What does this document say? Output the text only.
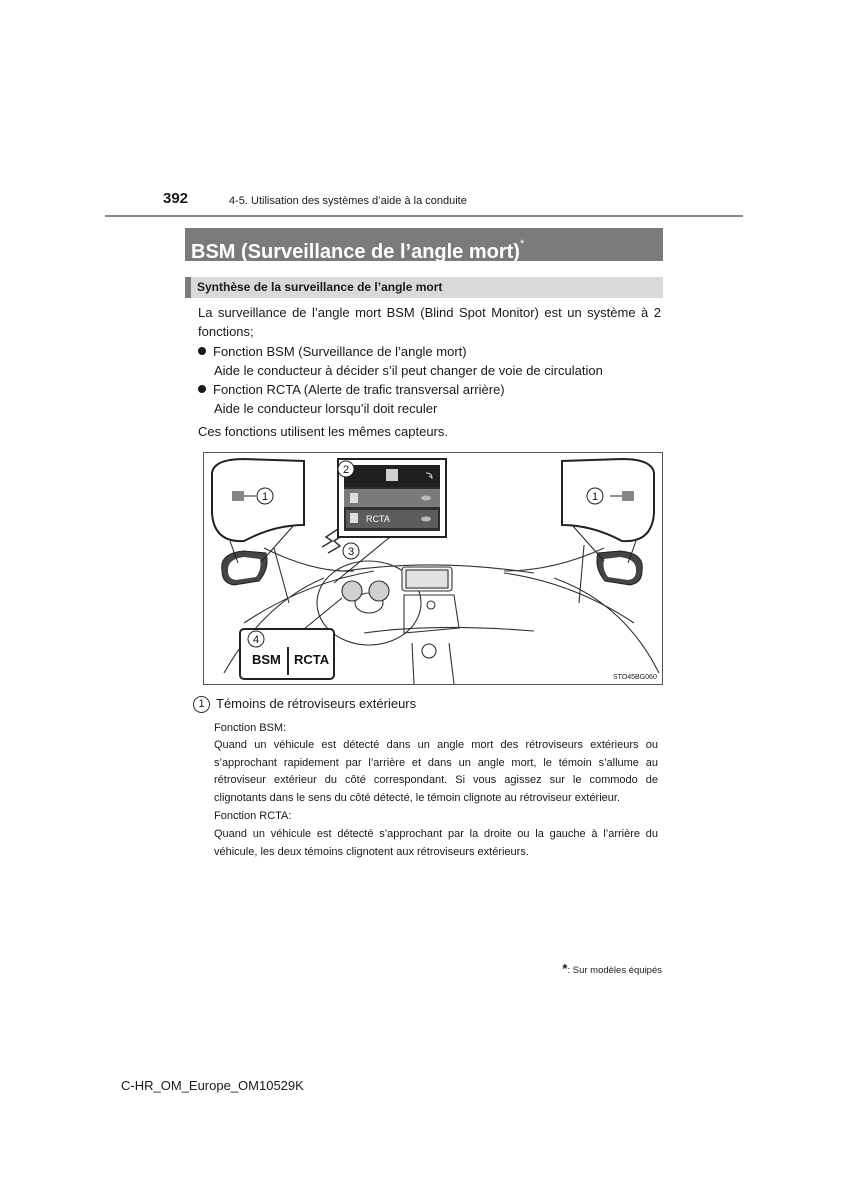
392	4-5. Utilisation des systèmes d’aide à la conduite
BSM (Surveillance de l’angle mort)*
Synthèse de la surveillance de l’angle mort
La surveillance de l’angle mort BSM (Blind Spot Monitor) est un système à 2 fonctions;
Fonction BSM (Surveillance de l’angle mort)
Aide le conducteur à décider s’il peut changer de voie de circulation
Fonction RCTA (Alerte de trafic transversal arrière)
Aide le conducteur lorsqu’il doit reculer
Ces fonctions utilisent les mêmes capteurs.
RCTA
BSM RCTA
1	1
2
3
4
STO45BG060
1 Témoins de rétroviseurs extérieurs
Fonction BSM:
Quand un véhicule est détecté dans un angle mort des rétroviseurs extérieurs ou s’approchant rapidement par l’arrière et dans un angle mort, le témoin s’allume au rétroviseur extérieur du côté correspondant. Si vous agissez sur le commodo de clignotants dans le sens du côté détecté, le témoin clignote au rétroviseur extérieur.
Fonction RCTA:
Quand un véhicule est détecté s’approchant par la droite ou la gauche à l’arrière du véhicule, les deux témoins clignotent aux rétroviseurs extérieurs.
*: Sur modèles équipés
C-HR_OM_Europe_OM10529K
